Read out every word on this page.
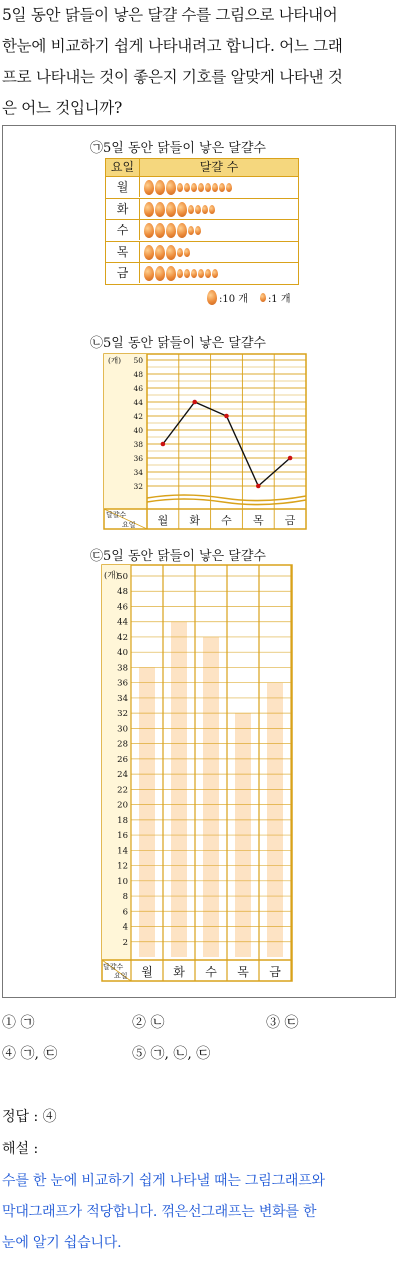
5일 동안 닭들이 낳은 달걀 수를 그림으로 나타내어
한눈에 비교하기 쉽게 나타내려고 합니다. 어느 그래
프로 나타내는 것이 좋은지 기호를 알맞게 나타낸 것
은 어느 것입니까?
㉠5일 동안 닭들이 낳은 달걀수
요일	달걀 수
월
화
수
목
금
:10 개 :1 개
㉡5일 동안 닭들이 낳은 달걀수
32
34
36
38
40
42
44
46
48
50
(개)
달걀수
요일 월 화 수 목 금
㉢5일 동안 닭들이 낳은 달걀수
2
4
6
8
10
12
14
16
18
20
22
24
26
28
30
32
34
36
38
40
42
44
46
48
50
(개)
달걀수
요일 월 화 수 목 금
① ㉠	② ㉡	③ ㉢
④ ㉠, ㉢	⑤ ㉠, ㉡, ㉢
정답 : ④
해설 :
수를 한 눈에 비교하기 쉽게 나타낼 때는 그림그래프와
막대그래프가 적당합니다. 꺾은선그래프는 변화를 한
눈에 알기 쉽습니다.
